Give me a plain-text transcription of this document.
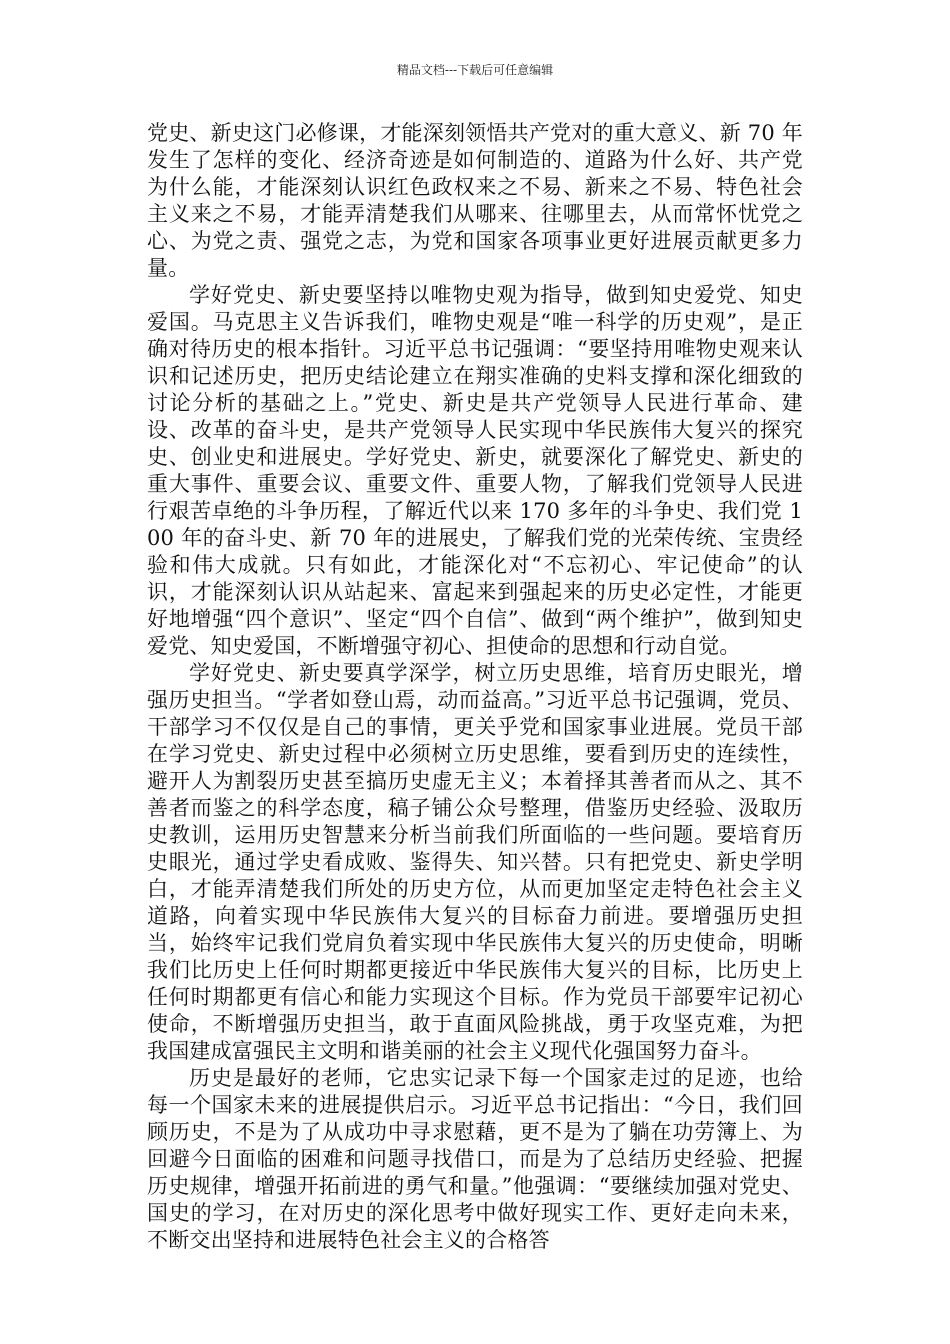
精品文档---下载后可任意编辑

党史、新史这门必修课，才能深刻领悟共产党对的重大意义、新 70 年发生了怎样的变化、经济奇迹是如何制造的、道路为什么好、共产党为什么能，才能深刻认识红色政权来之不易、新来之不易、特色社会主义来之不易，才能弄清楚我们从哪来、往哪里去，从而常怀忧党之心、为党之责、强党之志，为党和国家各项事业更好进展贡献更多力量。

学好党史、新史要坚持以唯物史观为指导，做到知史爱党、知史爱国。马克思主义告诉我们，唯物史观是“唯一科学的历史观”，是正确对待历史的根本指针。习近平总书记强调：“要坚持用唯物史观来认识和记述历史，把历史结论建立在翔实准确的史料支撑和深化细致的讨论分析的基础之上。”党史、新史是共产党领导人民进行革命、建设、改革的奋斗史，是共产党领导人民实现中华民族伟大复兴的探究史、创业史和进展史。学好党史、新史，就要深化了解党史、新史的重大事件、重要会议、重要文件、重要人物，了解我们党领导人民进行艰苦卓绝的斗争历程，了解近代以来 170 多年的斗争史、我们党 100 年的奋斗史、新 70 年的进展史，了解我们党的光荣传统、宝贵经验和伟大成就。只有如此，才能深化对“不忘初心、牢记使命”的认识，才能深刻认识从站起来、富起来到强起来的历史必定性，才能更好地增强“四个意识”、坚定“四个自信”、做到“两个维护”，做到知史爱党、知史爱国，不断增强守初心、担使命的思想和行动自觉。

学好党史、新史要真学深学，树立历史思维，培育历史眼光，增强历史担当。“学者如登山焉，动而益高。”习近平总书记强调，党员、干部学习不仅仅是自己的事情，更关乎党和国家事业进展。党员干部在学习党史、新史过程中必须树立历史思维，要看到历史的连续性，避开人为割裂历史甚至搞历史虚无主义；本着择其善者而从之、其不善者而鉴之的科学态度，稿子铺公众号整理，借鉴历史经验、汲取历史教训，运用历史智慧来分析当前我们所面临的一些问题。要培育历史眼光，通过学史看成败、鉴得失、知兴替。只有把党史、新史学明白，才能弄清楚我们所处的历史方位，从而更加坚定走特色社会主义道路，向着实现中华民族伟大复兴的目标奋力前进。要增强历史担当，始终牢记我们党肩负着实现中华民族伟大复兴的历史使命，明晰我们比历史上任何时期都更接近中华民族伟大复兴的目标，比历史上任何时期都更有信心和能力实现这个目标。作为党员干部要牢记初心使命，不断增强历史担当，敢于直面风险挑战，勇于攻坚克难，为把我国建成富强民主文明和谐美丽的社会主义现代化强国努力奋斗。

历史是最好的老师，它忠实记录下每一个国家走过的足迹，也给每一个国家未来的进展提供启示。习近平总书记指出：“今日，我们回顾历史，不是为了从成功中寻求慰藉，更不是为了躺在功劳簿上、为回避今日面临的困难和问题寻找借口，而是为了总结历史经验、把握历史规律，增强开拓前进的勇气和量。”他强调：“要继续加强对党史、国史的学习，在对历史的深化思考中做好现实工作、更好走向未来，不断交出坚持和进展特色社会主义的合格答
